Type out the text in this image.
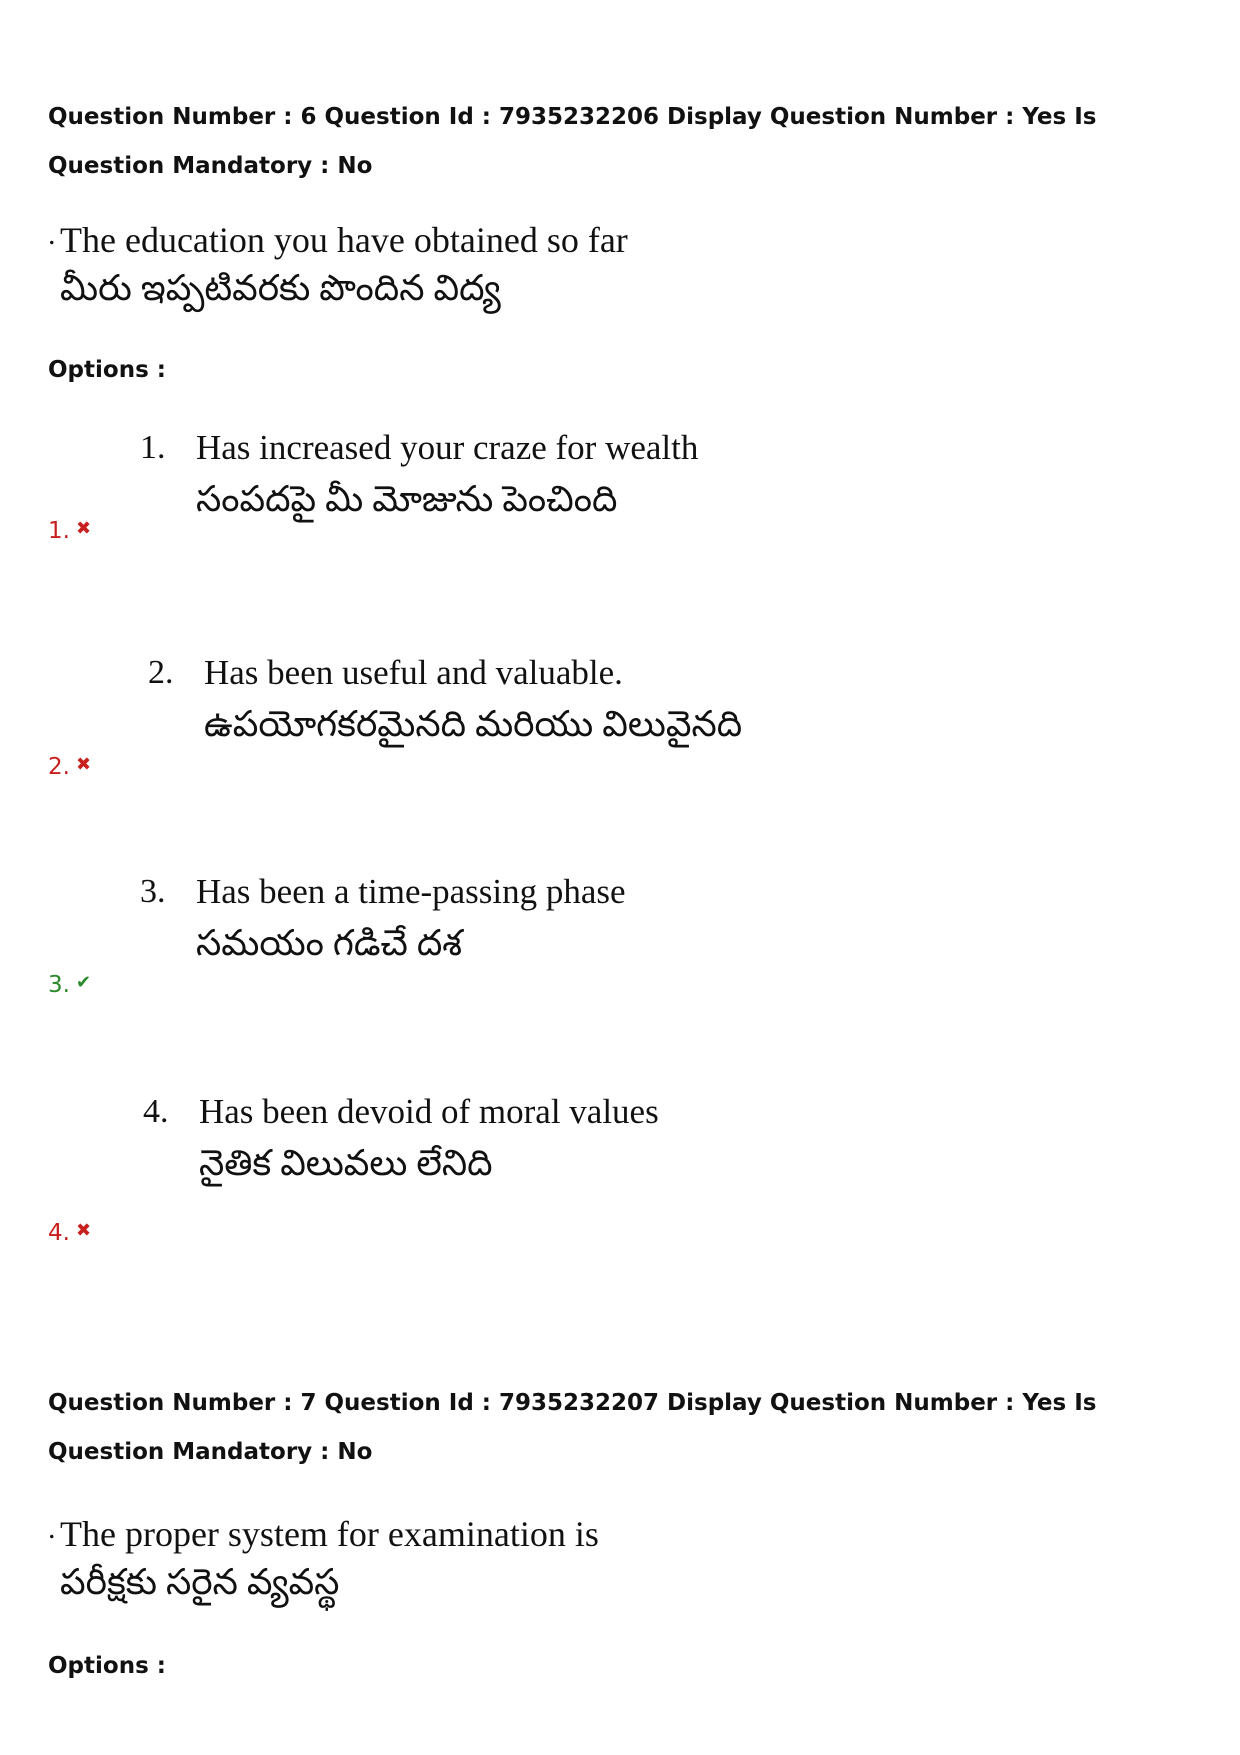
Question Number : 6 Question Id : 7935232206 Display Question Number : Yes Is Question Mandatory : No
. The education you have obtained so far
మీరు ఇప్పటివరకు పొందిన విద్య
Options :
1. Has increased your craze for wealth
సంపదపై మీ మోజును పెంచింది
1. ✖
2. Has been useful and valuable.
ఉపయోగకరమైనది మరియు విలువైనది
2. ✖
3. Has been a time-passing phase
సమయం గడిచే దశ
3. ✔
4. Has been devoid of moral values
నైతిక విలువలు లేనిది
4. ✖
Question Number : 7 Question Id : 7935232207 Display Question Number : Yes Is Question Mandatory : No
. The proper system for examination is
పరీక్షకు సరైన వ్యవస్థ
Options :
